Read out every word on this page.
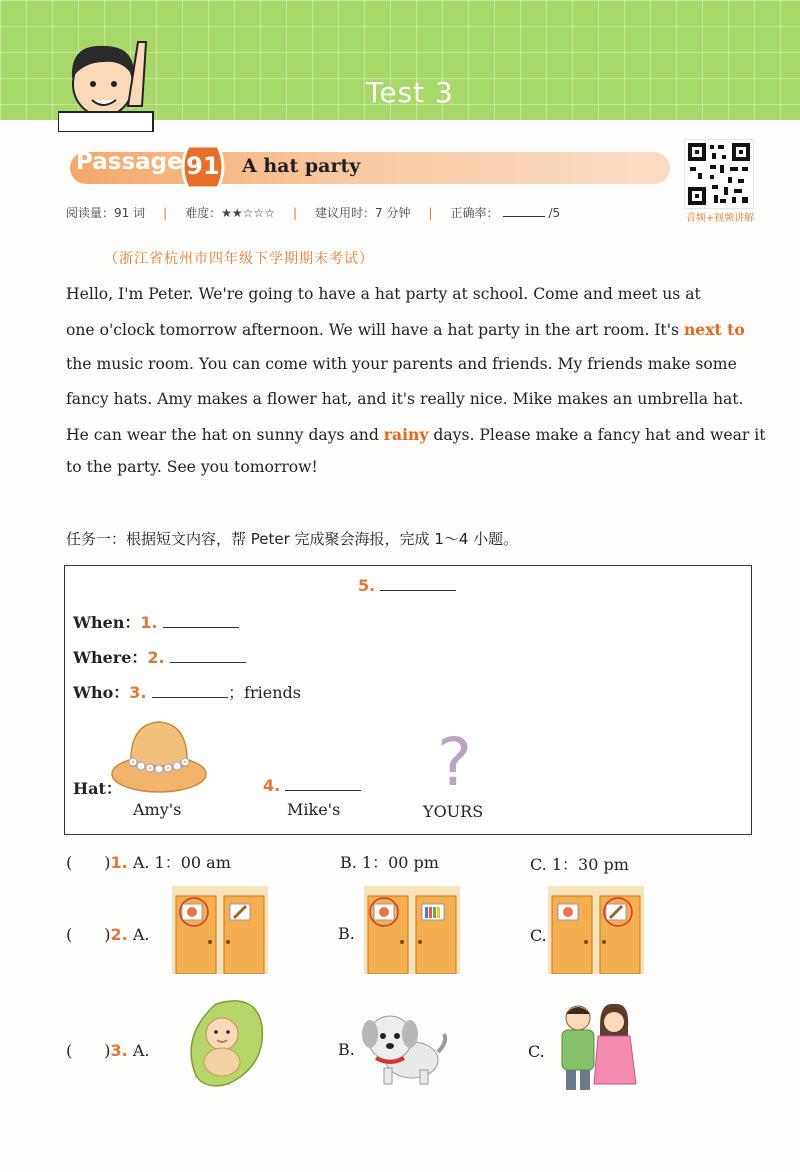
Test 3
Passage 91	A hat party
音频+视频讲解
阅读量：91 词 | 难度：★★☆☆☆ | 建议用时：7 分钟 | 正确率：	/5
（浙江省杭州市四年级下学期期末考试）
Hello, I'm Peter. We're going to have a hat party at school. Come and meet us at
one o'clock tomorrow afternoon. We will have a hat party in the art room. It's next to
the music room. You can come with your parents and friends. My friends make some
fancy hats. Amy makes a flower hat, and it's really nice. Mike makes an umbrella hat.
He can wear the hat on sunny days and rainy days. Please make a fancy hat and wear it
to the party. See you tomorrow!
任务一：根据短文内容，帮 Peter 完成聚会海报，完成 1～4 小题。
5.
When：1.
Where：2.
Who：3.	；friends
Hat：
Amy's
4.
Mike's
?
YOURS
(　　)1. A. 1：00 am	B. 1：00 pm	C. 1：30 pm
(　　)2. A.	B.	C.
(　　)3. A.	B.	C.
